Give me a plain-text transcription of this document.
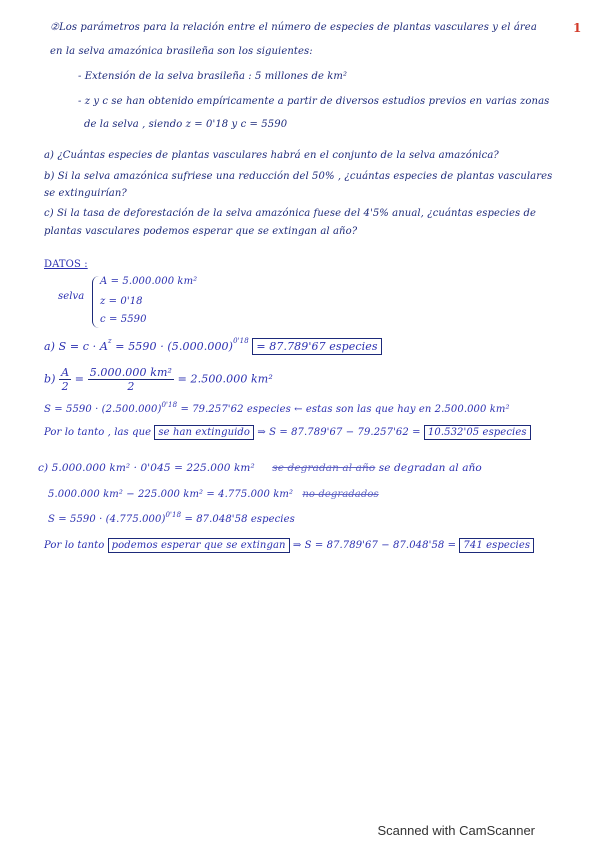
②Los parámetros para la relación entre el número de especies de plantas vasculares y el área	1
en la selva amazónica brasileña son los siguientes:
- Extensión de la selva brasileña : 5 millones de km²
- z y c se han obtenido empíricamente a partir de diversos estudios previos en varias zonas
de la selva , siendo z = 0'18 y c = 5590
a) ¿Cuántas especies de plantas vasculares habrá en el conjunto de la selva amazónica?
b) Si la selva amazónica sufriese una reducción del 50% , ¿cuántas especies de plantas vasculares
se extinguirían?
c) Si la tasa de deforestación de la selva amazónica fuese del 4'5% anual, ¿cuántas especies de
plantas vasculares podemos esperar que se extingan al año?
DATOS :
selva
A = 5.000.000 km²
z = 0'18
c = 5590
a) $S = c \cdot A^z = 5590 \cdot (5.000.000)^{0'18} = 87.789'67$ especies
$b) \frac{A}{2} = \frac{\text{5.000.000 km²}}{2} = 2.500.000$ km²
$S = 5590 \cdot (2.500.000)^{0'18} = 79.257'62$ especies ← estas son las que hay en 2.500.000 km²
Por lo tanto , las que se han extinguido ⇒ S = 87.789'67 − 79.257'62 = 10.532'05 especies
c) 5.000.000 km² · 0'045 = 225.000 km² se degradan al año se degradan al año
5.000.000 km² − 225.000 km² = 4.775.000 km² no degradados
$S = 5590 \cdot (4.775.000)^{0'18} = 87.048'58$ especies
Por lo tanto podemos esperar que se extingan ⇒ S = 87.789'67 − 87.048'58 = 741 especies
Scanned with CamScanner
